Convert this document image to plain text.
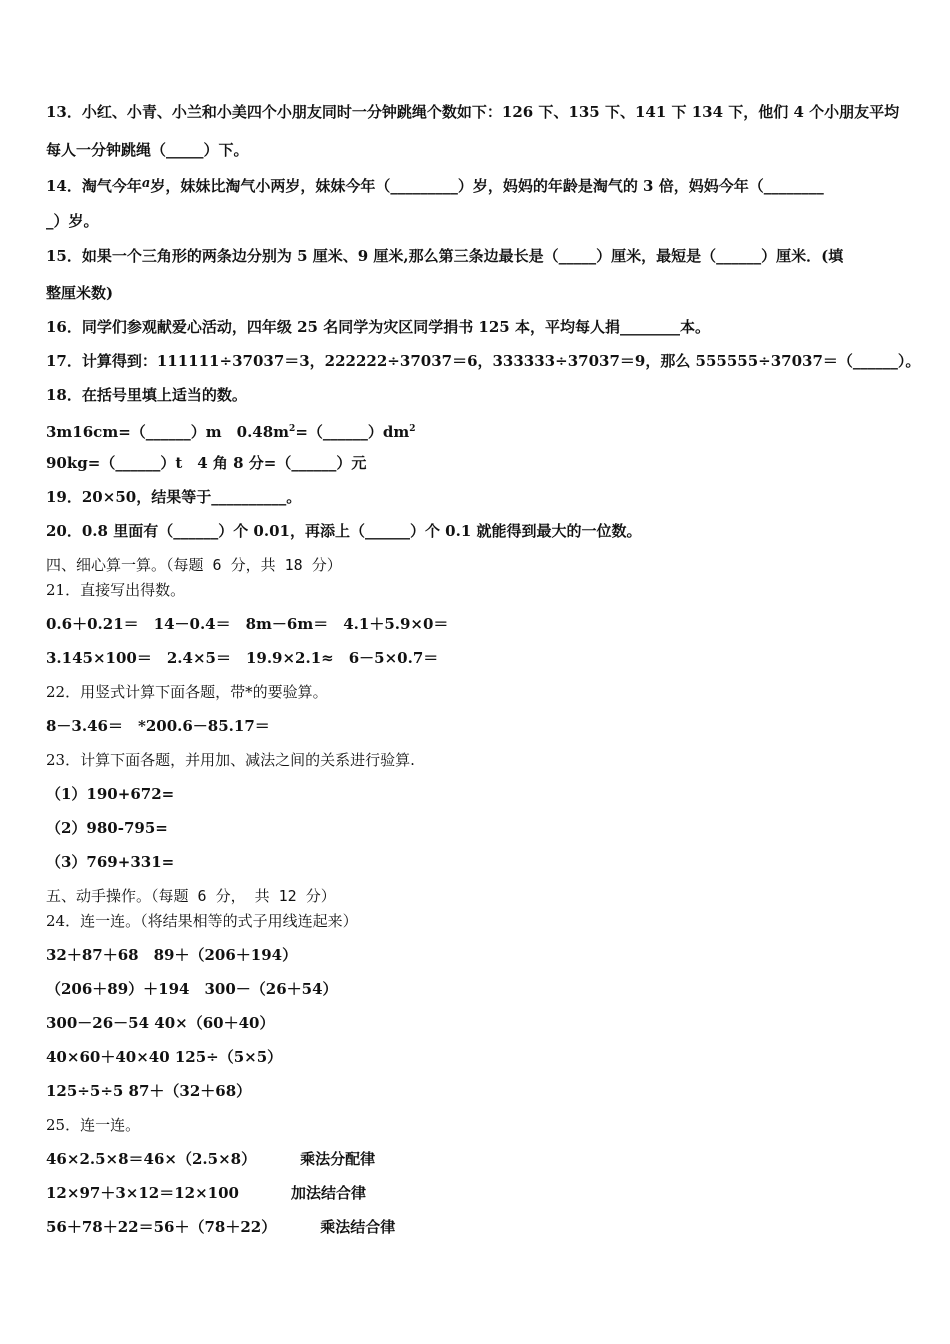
13．小红、小青、小兰和小美四个小朋友同时一分钟跳绳个数如下：126 下、135 下、141 下 134 下，他们 4 个小朋友平均
每人一分钟跳绳（_____）下。
14．淘气今年a岁，妹妹比淘气小两岁，妹妹今年（_________）岁，妈妈的年龄是淘气的 3 倍，妈妈今年（________
_）岁。
15．如果一个三角形的两条边分别为 5 厘米、9 厘米,那么第三条边最长是（_____）厘米，最短是（______）厘米．(填
整厘米数)
16．同学们参观献爱心活动，四年级 25 名同学为灾区同学捐书 125 本，平均每人捐________本。
17．计算得到：111111÷37037＝3，222222÷37037＝6，333333÷37037＝9，那么 555555÷37037＝（______）。
18．在括号里填上适当的数。
3m16cm=（______）m　$0.48m^2=(\_\_\_\_\_\_)dm^2$
90kg=（______）t　4 角 8 分=（______）元
19．20×50，结果等于__________。
20．0.8 里面有（______）个 0.01，再添上（______）个 0.1 就能得到最大的一位数。
四、细心算一算。（每题 6 分，共 18 分）
21．直接写出得数。
0.6＋0.21＝　14－0.4＝　8m－6m＝　4.1＋5.9×0＝
3.145×100＝　2.4×5＝　19.9×2.1≈　6－5×0.7＝
22．用竖式计算下面各题，带*的要验算。
8－3.46＝　*200.6－85.17＝
23．计算下面各题，并用加、减法之间的关系进行验算.
（1）190+672=
（2）980-795=
（3）769+331=
五、动手操作。（每题 6 分， 共 12 分）
24．连一连。（将结果相等的式子用线连起来）
32＋87＋68　89＋（206＋194）
（206＋89）＋194　300－（26＋54）
300－26－54 40×（60＋40）
40×60＋40×40 125÷（5×5）
125÷5÷5 87＋（32＋68）
25．连一连。
46×2.5×8＝46×（2.5×8）	乘法分配律
12×97＋3×12＝12×100	加法结合律
56＋78＋22＝56＋（78＋22）	乘法结合律
